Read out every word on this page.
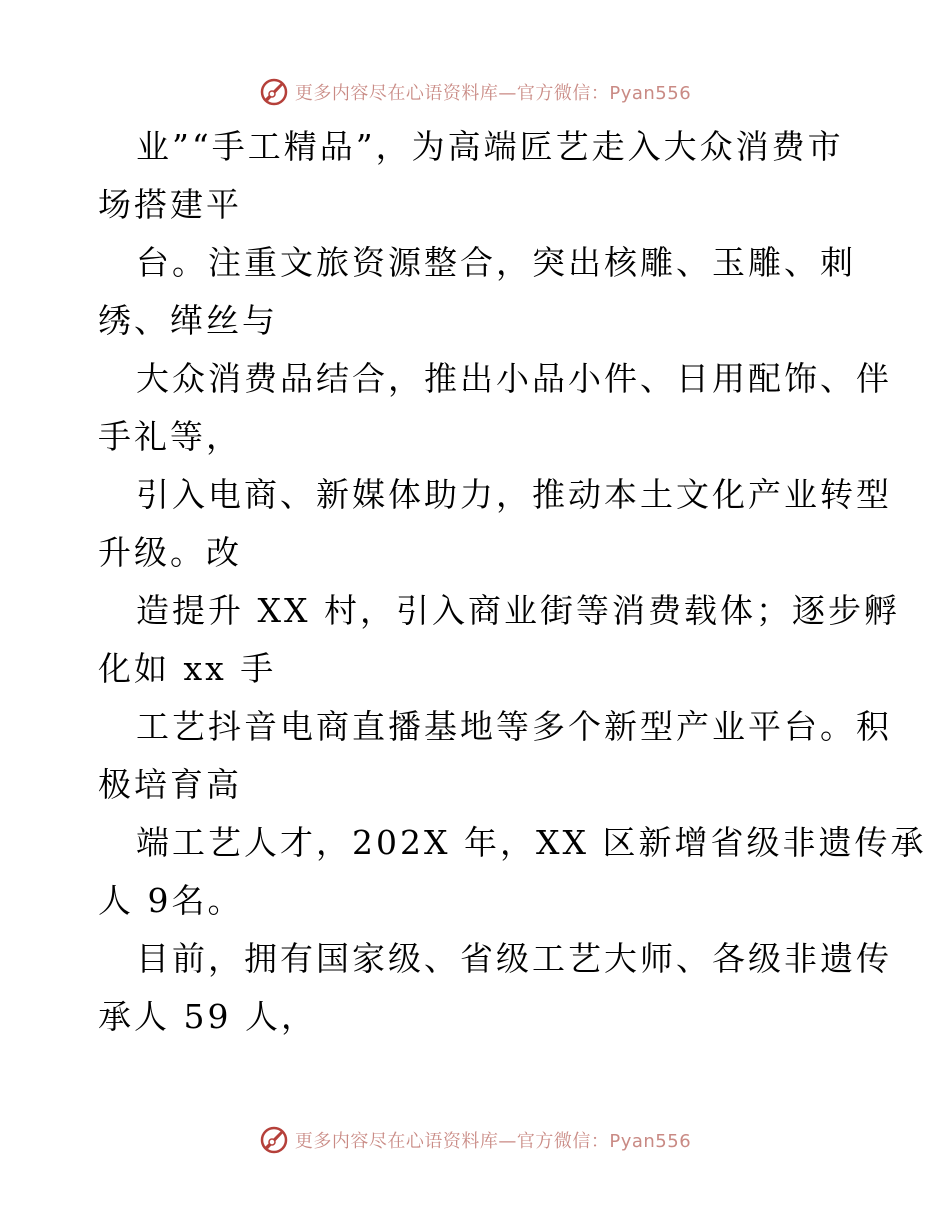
更多内容尽在心语资料库—官方微信：Pyan556
业”“手工精品”，为高端匠艺走入大众消费市
场搭建平
台。注重文旅资源整合，突出核雕、玉雕、刺
绣、缂丝与
大众消费品结合，推出小品小件、日用配饰、伴
手礼等，
引入电商、新媒体助力，推动本土文化产业转型
升级。改
造提升 XX 村，引入商业街等消费载体；逐步孵
化如 xx 手
工艺抖音电商直播基地等多个新型产业平台。积
极培育高
端工艺人才，202X 年，XX 区新增省级非遗传承
人 9名。
目前，拥有国家级、省级工艺大师、各级非遗传
承人 59 人，
更多内容尽在心语资料库—官方微信：Pyan556
